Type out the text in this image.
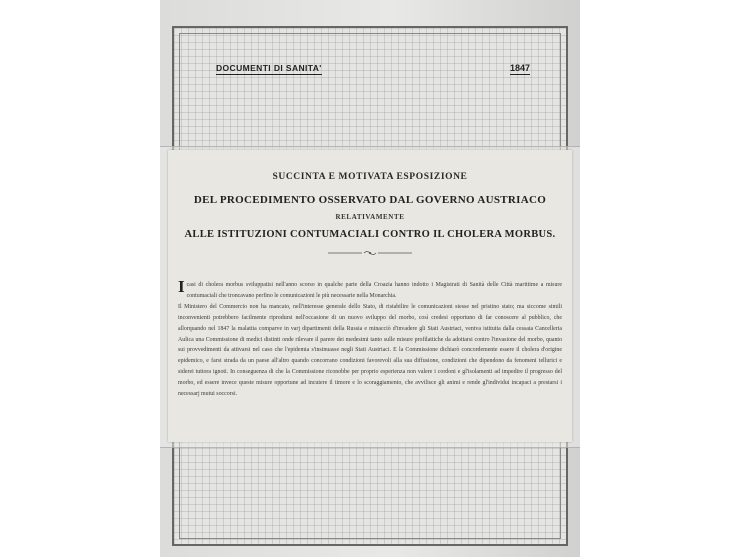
DOCUMENTI DI SANITA'	1847
SUCCINTA E MOTIVATA ESPOSIZIONE
DEL PROCEDIMENTO OSSERVATO DAL GOVERNO AUSTRIACO
RELATIVAMENTE
ALLE ISTITUZIONI CONTUMACIALI CONTRO IL CHOLERA MORBUS.

Icasi di cholera morbus sviluppatisi nell'anno scorso in qualche parte della Croazia hanno indotto i Magistrati di Sanità delle Città marittime a misure contumaciali che troncavano perfino le comunicazioni le più necessarie nella Monarchia.

Il Ministero del Commercio non ha mancato, nell'interesse generale dello Stato, di ristabilire le comunicazioni stesse nel pristino stato; ma siccome simili inconvenienti potrebbero facilmente riprodursi nell'occasione di un nuovo sviluppo del morbo, così credesi opportuno di far conoscere al pubblico, che allorquando nel 1847 la malattia comparve in varj dipartimenti della Russia e minacciò d'invadere gli Stati Austriaci, veniva istituita dalla cessata Cancelleria Aulica una Commissione di medici distinti onde rilevare il parere dei medesimi tanto sulle misure profilattiche da adottarsi contro l'invasione del morbo, quanto sui provvedimenti da attivarsi nel caso che l'epidemia s'insinuasse negli Stati Austriaci. E la Commissione dichiarò concordemente essere il cholera d'origine epidemico, e farsi strada da un paese all'altro quando concorrano condizioni favorevoli alla sua diffusione, condizioni che dipendono da fenomeni tellurici e siderei tuttora ignoti. In conseguenza di che la Commissione riconobbe per proprio esperienza non valere i cordoni e gl'isolamenti ad impedire il progresso del morbo, ed essere invece queste misure opportune ad incutere il timore e lo scoraggiamento, che avviliscе gli animi e rende gl'individui incapaci a prestarsi i necessarj mutui soccorsi.
